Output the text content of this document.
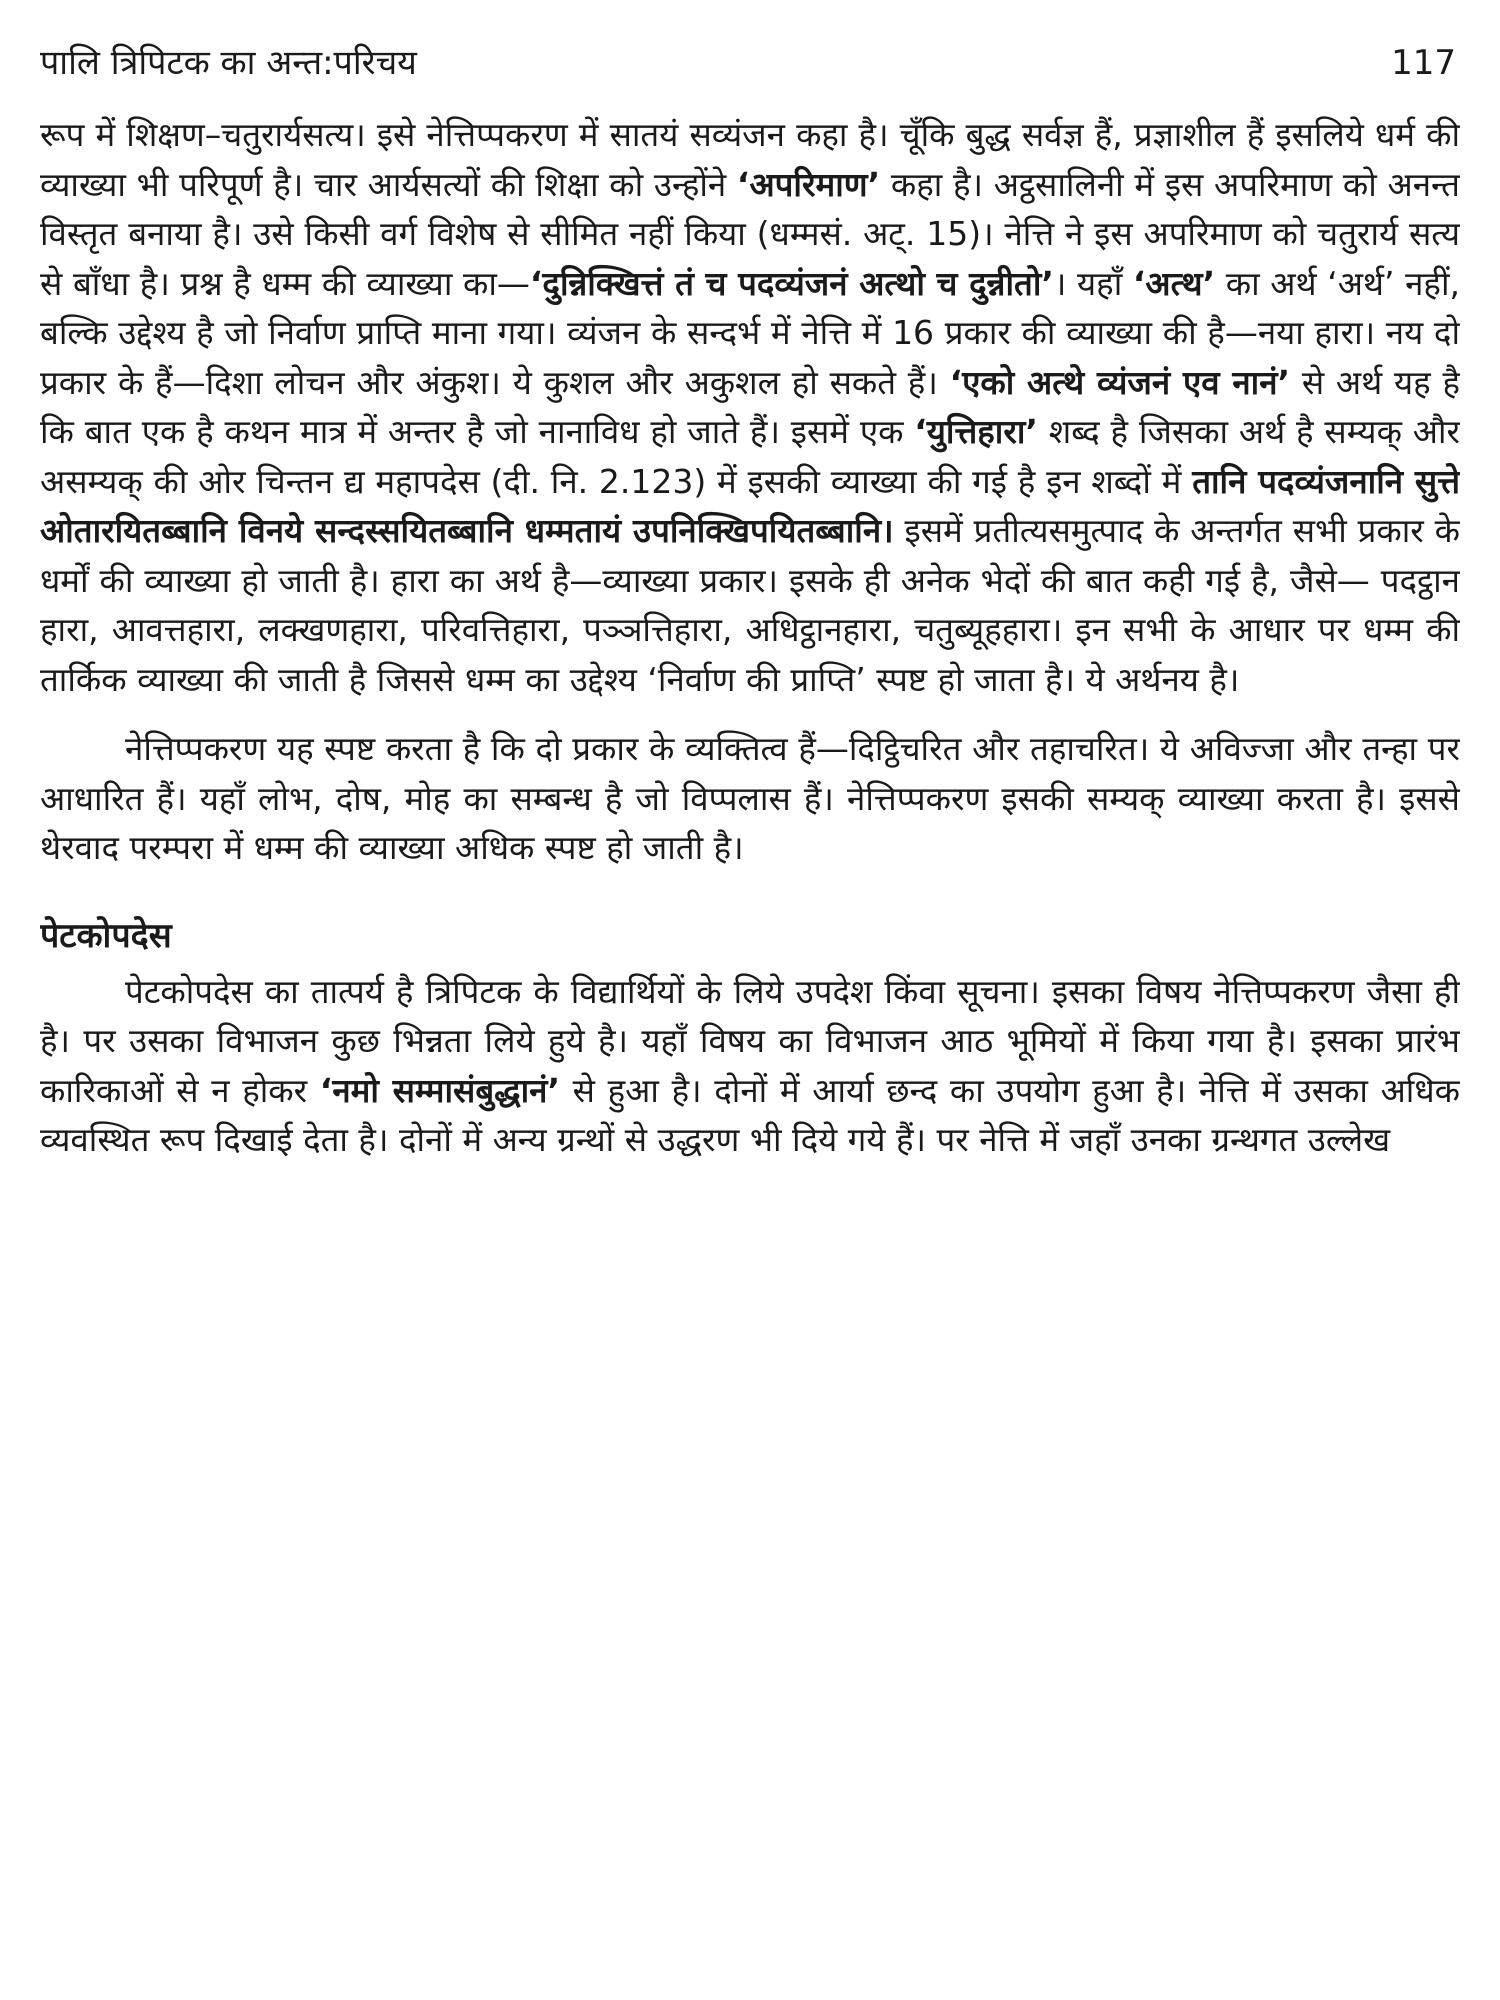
पालि त्रिपिटक का अन्त:परिचय	117

रूप में शिक्षण–चतुरार्यसत्य। इसे नेत्तिप्पकरण में सातयं सव्यंजन कहा है। चूँकि बुद्ध सर्वज्ञ हैं, प्रज्ञाशील हैं इसलिये धर्म की व्याख्या भी परिपूर्ण है। चार आर्यसत्यों की शिक्षा को उन्होंने ‘अपरिमाण’ कहा है। अट्ठसालिनी में इस अपरिमाण को अनन्त विस्तृत बनाया है। उसे किसी वर्ग विशेष से सीमित नहीं किया (धम्मसं. अट्. 15)। नेत्ति ने इस अपरिमाण को चतुरार्य सत्य से बाँधा है। प्रश्न है धम्म की व्याख्या का—‘दुन्निक्खित्तं तं च पदव्यंजनं अत्थो च दुन्नीतो’। यहाँ ‘अत्थ’ का अर्थ ‘अर्थ’ नहीं, बल्कि उद्देश्य है जो निर्वाण प्राप्ति माना गया। व्यंजन के सन्दर्भ में नेत्ति में 16 प्रकार की व्याख्या की है—नया हारा। नय दो प्रकार के हैं—दिशा लोचन और अंकुश। ये कुशल और अकुशल हो सकते हैं। ‘एको अत्थे व्यंजनं एव नानं’ से अर्थ यह है कि बात एक है कथन मात्र में अन्तर है जो नानाविध हो जाते हैं। इसमें एक ‘युत्तिहारा’ शब्द है जिसका अर्थ है सम्यक् और असम्यक् की ओर चिन्तन द्य महापदेस (दी. नि. 2.123) में इसकी व्याख्या की गई है इन शब्दों में तानि पदव्यंजनानि सुत्ते ओतारयितब्बानि विनये सन्दस्सयितब्बानि धम्मतायं उपनिक्खिपयितब्बानि। इसमें प्रतीत्यसमुत्पाद के अन्तर्गत सभी प्रकार के धर्मों की व्याख्या हो जाती है। हारा का अर्थ है—व्याख्या प्रकार। इसके ही अनेक भेदों की बात कही गई है, जैसे— पदट्ठान हारा, आवत्तहारा, लक्खणहारा, परिवत्तिहारा, पञ्ञत्तिहारा, अधिट्ठानहारा, चतुब्यूहहारा। इन सभी के आधार पर धम्म की तार्किक व्याख्या की जाती है जिससे धम्म का उद्देश्य ‘निर्वाण की प्राप्ति’ स्पष्ट हो जाता है। ये अर्थनय है।

नेत्तिप्पकरण यह स्पष्ट करता है कि दो प्रकार के व्यक्तित्व हैं—दिट्ठिचरित और तहाचरित। ये अविज्जा और तन्हा पर आधारित हैं। यहाँ लोभ, दोष, मोह का सम्बन्ध है जो विप्पलास हैं। नेत्तिप्पकरण इसकी सम्यक् व्याख्या करता है। इससे थेरवाद परम्परा में धम्म की व्याख्या अधिक स्पष्ट हो जाती है।

पेटकोपदेस

पेटकोपदेस का तात्पर्य है त्रिपिटक के विद्यार्थियों के लिये उपदेश किंवा सूचना। इसका विषय नेत्तिप्पकरण जैसा ही है। पर उसका विभाजन कुछ भिन्नता लिये हुये है। यहाँ विषय का विभाजन आठ भूमियों में किया गया है। इसका प्रारंभ कारिकाओं से न होकर ‘नमो सम्मासंबुद्धानं’ से हुआ है। दोनों में आर्या छन्द का उपयोग हुआ है। नेत्ति में उसका अधिक व्यवस्थित रूप दिखाई देता है। दोनों में अन्य ग्रन्थों से उद्धरण भी दिये गये हैं। पर नेत्ति में जहाँ उनका ग्रन्थगत उल्लेख
